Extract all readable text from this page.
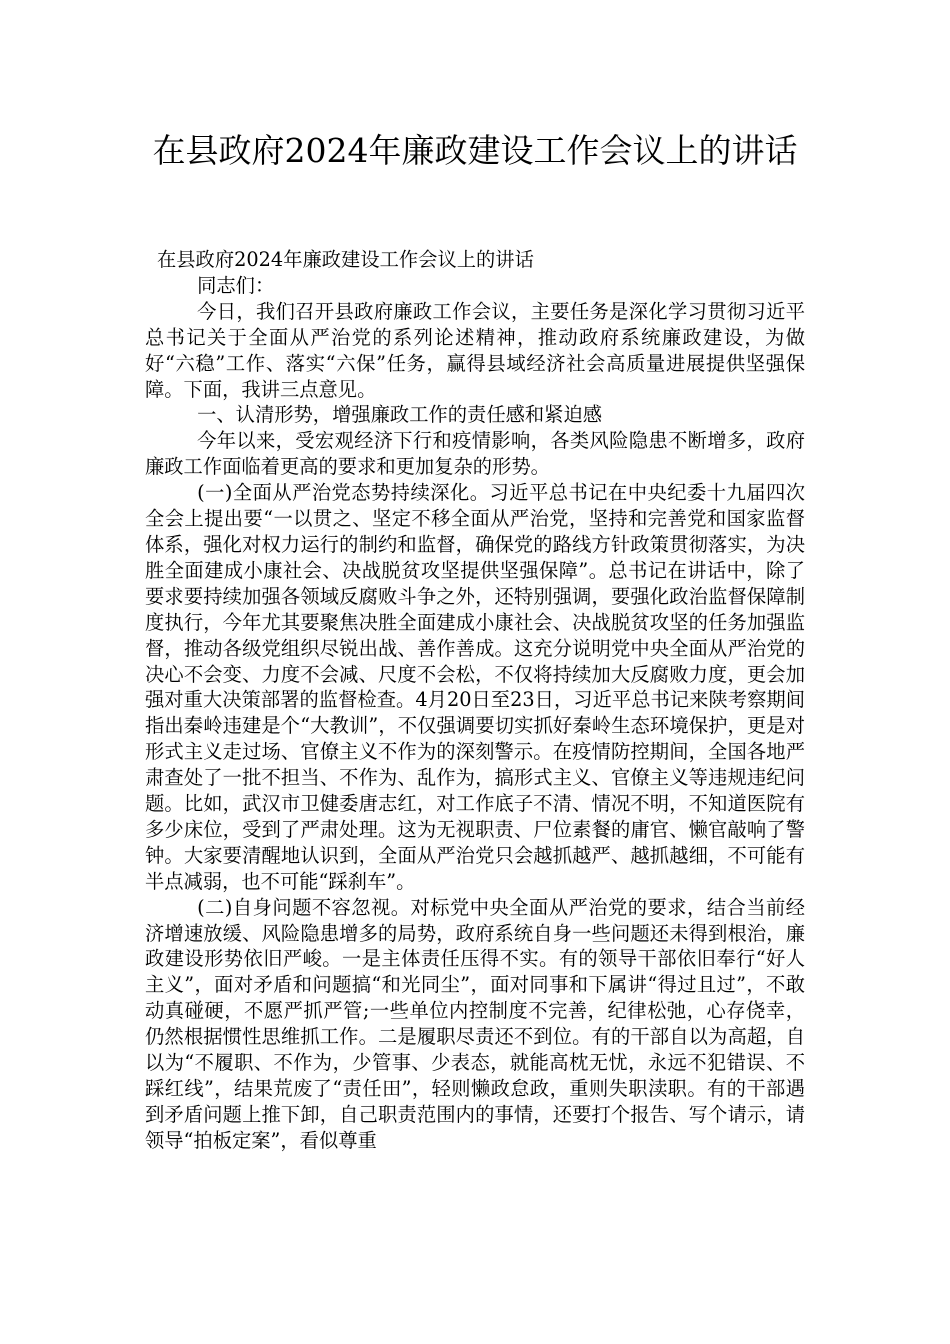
在县政府2024年廉政建设工作会议上的讲话

在县政府2024年廉政建设工作会议上的讲话

同志们：

今日，我们召开县政府廉政工作会议，主要任务是深化学习贯彻习近平总书记关于全面从严治党的系列论述精神，推动政府系统廉政建设，为做好“六稳”工作、落实“六保”任务，赢得县域经济社会高质量进展提供坚强保障。下面，我讲三点意见。

一、认清形势，增强廉政工作的责任感和紧迫感

今年以来，受宏观经济下行和疫情影响，各类风险隐患不断增多，政府廉政工作面临着更高的要求和更加复杂的形势。

(一)全面从严治党态势持续深化。习近平总书记在中央纪委十九届四次全会上提出要“一以贯之、坚定不移全面从严治党，坚持和完善党和国家监督体系，强化对权力运行的制约和监督，确保党的路线方针政策贯彻落实，为决胜全面建成小康社会、决战脱贫攻坚提供坚强保障”。总书记在讲话中，除了要求要持续加强各领域反腐败斗争之外，还特别强调，要强化政治监督保障制度执行，今年尤其要聚焦决胜全面建成小康社会、决战脱贫攻坚的任务加强监督，推动各级党组织尽锐出战、善作善成。这充分说明党中央全面从严治党的决心不会变、力度不会减、尺度不会松，不仅将持续加大反腐败力度，更会加强对重大决策部署的监督检查。4月20日至23日，习近平总书记来陕考察期间指出秦岭违建是个“大教训”，不仅强调要切实抓好秦岭生态环境保护，更是对形式主义走过场、官僚主义不作为的深刻警示。在疫情防控期间，全国各地严肃查处了一批不担当、不作为、乱作为，搞形式主义、官僚主义等违规违纪问题。比如，武汉市卫健委唐志红，对工作底子不清、情况不明，不知道医院有多少床位，受到了严肃处理。这为无视职责、尸位素餐的庸官、懒官敲响了警钟。大家要清醒地认识到，全面从严治党只会越抓越严、越抓越细，不可能有半点减弱，也不可能“踩刹车”。

(二)自身问题不容忽视。对标党中央全面从严治党的要求，结合当前经济增速放缓、风险隐患增多的局势，政府系统自身一些问题还未得到根治，廉政建设形势依旧严峻。一是主体责任压得不实。有的领导干部依旧奉行“好人主义”，面对矛盾和问题搞“和光同尘”，面对同事和下属讲“得过且过”，不敢动真碰硬，不愿严抓严管;一些单位内控制度不完善，纪律松弛，心存侥幸，仍然根据惯性思维抓工作。二是履职尽责还不到位。有的干部自以为高超，自以为“不履职、不作为，少管事、少表态，就能高枕无忧，永远不犯错误、不踩红线”，结果荒废了“责任田”，轻则懒政怠政，重则失职渎职。有的干部遇到矛盾问题上推下卸，自己职责范围内的事情，还要打个报告、写个请示，请领导“拍板定案”，看似尊重
